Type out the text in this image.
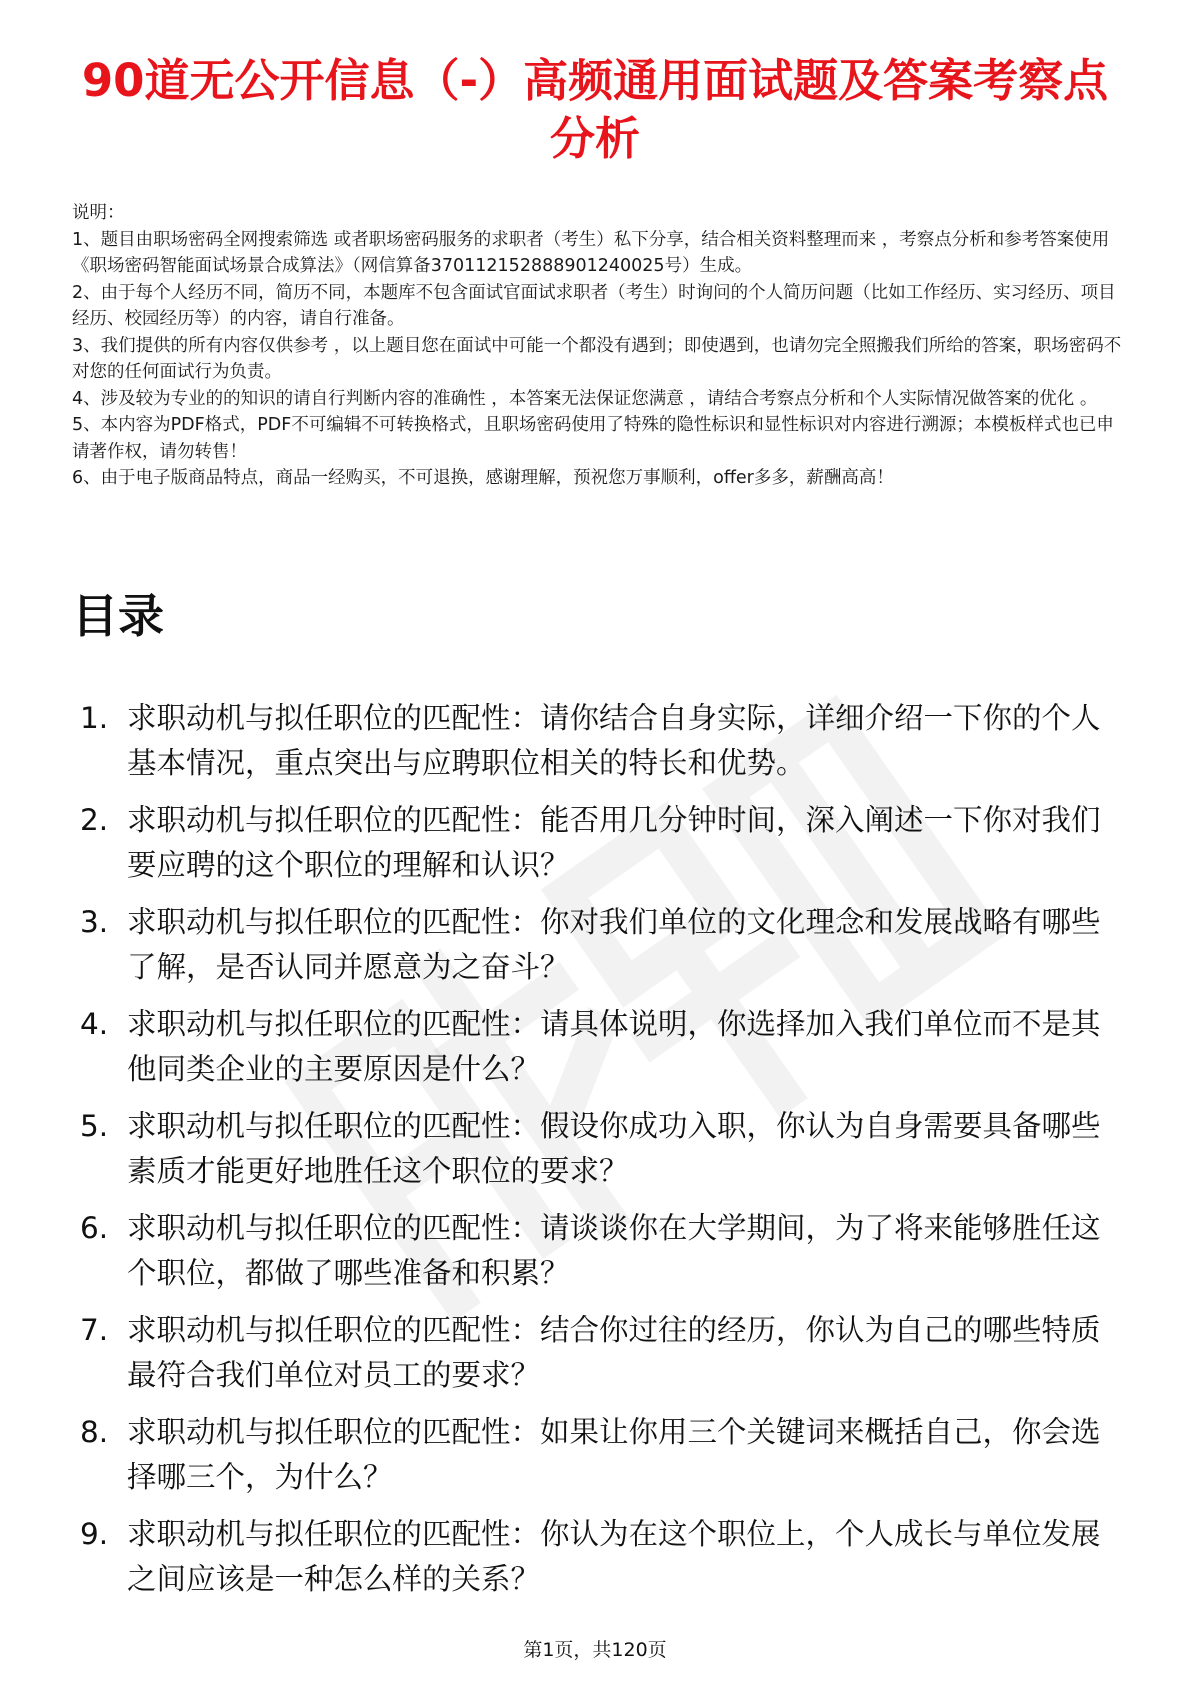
90道无公开信息（-）高频通用面试题及答案考察点分析

说明：

1、题目由职场密码全网搜索筛选 或者职场密码服务的求职者（考生）私下分享，结合相关资料整理而来 ，考察点分析和参考答案使用《职场密码智能面试场景合成算法》（网信算备370112152888901240025号）生成。

2、由于每个人经历不同，简历不同，本题库不包含面试官面试求职者（考生）时询问的个人简历问题（比如工作经历、实习经历、项目经历、校园经历等）的内容，请自行准备。

3、我们提供的所有内容仅供参考 ，以上题目您在面试中可能一个都没有遇到；即使遇到，也请勿完全照搬我们所给的答案，职场密码不对您的任何面试行为负责。

4、涉及较为专业的的知识的请自行判断内容的准确性 ，本答案无法保证您满意 ，请结合考察点分析和个人实际情况做答案的优化 。

5、本内容为PDF格式，PDF不可编辑不可转换格式，且职场密码使用了特殊的隐性标识和显性标识对内容进行溯源；本模板样式也已申请著作权，请勿转售！

6、由于电子版商品特点，商品一经购买，不可退换，感谢理解，预祝您万事顺利，offer多多，薪酬高高！

目录
1. 求职动机与拟任职位的匹配性：请你结合自身实际，详细介绍一下你的个人基本情况，重点突出与应聘职位相关的特长和优势。
2. 求职动机与拟任职位的匹配性：能否用几分钟时间，深入阐述一下你对我们要应聘的这个职位的理解和认识？
3. 求职动机与拟任职位的匹配性：你对我们单位的文化理念和发展战略有哪些了解，是否认同并愿意为之奋斗？
4. 求职动机与拟任职位的匹配性：请具体说明，你选择加入我们单位而不是其他同类企业的主要原因是什么？
5. 求职动机与拟任职位的匹配性：假设你成功入职，你认为自身需要具备哪些素质才能更好地胜任这个职位的要求？
6. 求职动机与拟任职位的匹配性：请谈谈你在大学期间，为了将来能够胜任这个职位，都做了哪些准备和积累？
7. 求职动机与拟任职位的匹配性：结合你过往的经历，你认为自己的哪些特质最符合我们单位对员工的要求？
8. 求职动机与拟任职位的匹配性：如果让你用三个关键词来概括自己，你会选择哪三个，为什么？
9. 求职动机与拟任职位的匹配性：你认为在这个职位上，个人成长与单位发展之间应该是一种怎么样的关系？
第1页，共120页
